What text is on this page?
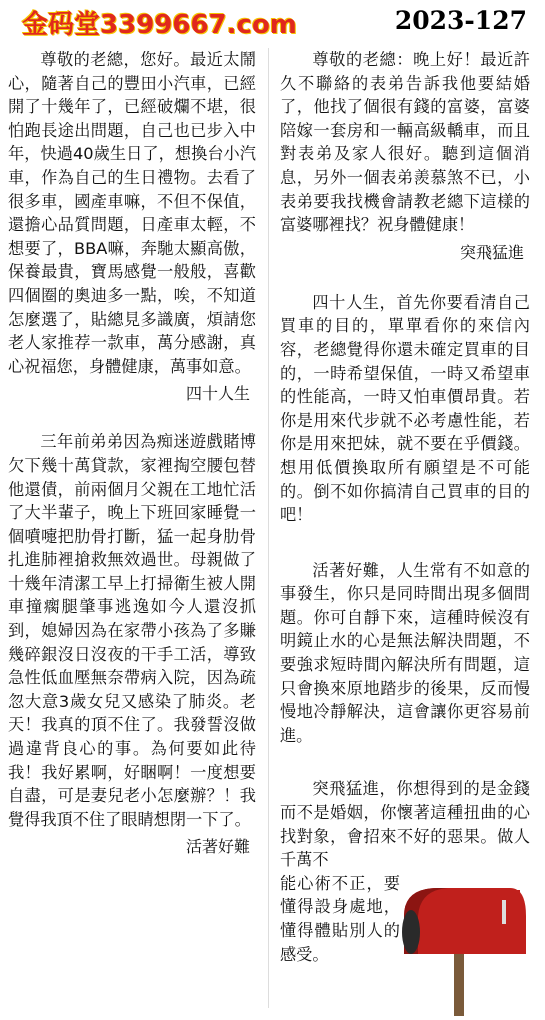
金码堂3399667.com	2023-127

尊敬的老總，您好。最近太鬧心，隨著自己的豐田小汽車，已經開了十幾年了，已經破爛不堪，很怕跑長途出問題，自己也已步入中年，快過40歲生日了，想換台小汽車，作為自己的生日禮物。去看了很多車，國產車嘛，不但不保值，還擔心品質問題，日產車太輕，不想要了，BBA嘛，奔馳太顯高傲，保養最貴，寶馬感覺一般般，喜歡四個圈的奧迪多一點，唉，不知道怎麼選了，貼總見多識廣，煩請您老人家推荐一款車，萬分感謝，真心祝福您，身體健康，萬事如意。

四十人生

三年前弟弟因為痴迷遊戲賭博欠下幾十萬貸款，家裡掏空腰包替他還債，前兩個月父親在工地忙活了大半輩子，晚上下班回家睡覺一個噴嚏把肋骨打斷，猛一起身肋骨扎進肺裡搶救無效過世。母親做了十幾年清潔工早上打掃衛生被人開車撞瘸腿肇事逃逸如今人還沒抓到，媳婦因為在家帶小孩為了多賺幾碎銀沒日沒夜的干手工活，導致急性低血壓無奈帶病入院，因為疏忽大意3歲女兒又感染了肺炎。老天！我真的頂不住了。我發誓沒做過違背良心的事。為何要如此待我！我好累啊，好睏啊！一度想要自盡，可是妻兒老小怎麼辦？！我覺得我頂不住了眼睛想閉一下了。

活著好難

尊敬的老總：晚上好！最近許久不聯絡的表弟告訴我他要結婚了，他找了個很有錢的富婆，富婆陪嫁一套房和一輛高級轎車，而且對表弟及家人很好。聽到這個消息，另外一個表弟羨慕煞不已，小表弟要我找機會請教老總下這樣的富婆哪裡找？祝身體健康！

突飛猛進

四十人生，首先你要看清自己買車的目的，單單看你的來信內容，老總覺得你還未確定買車的目的，一時希望保值，一時又希望車的性能高，一時又怕車價昂貴。若你是用來代步就不必考慮性能，若你是用來把妹，就不要在乎價錢。想用低價換取所有願望是不可能的。倒不如你搞清自己買車的目的吧！

活著好難，人生常有不如意的事發生，你只是同時間出現多個問題。你可自靜下來，這種時候沒有明鏡止水的心是無法解決問題，不要強求短時間內解決所有問題，這只會換來原地踏步的後果，反而慢慢地冷靜解決，這會讓你更容易前進。

突飛猛進，你想得到的是金錢而不是婚姻，你懷著這種扭曲的心找對象，會招來不好的惡果。做人千萬不

能心術不正，要懂得設身處地，懂得體貼別人的感受。
